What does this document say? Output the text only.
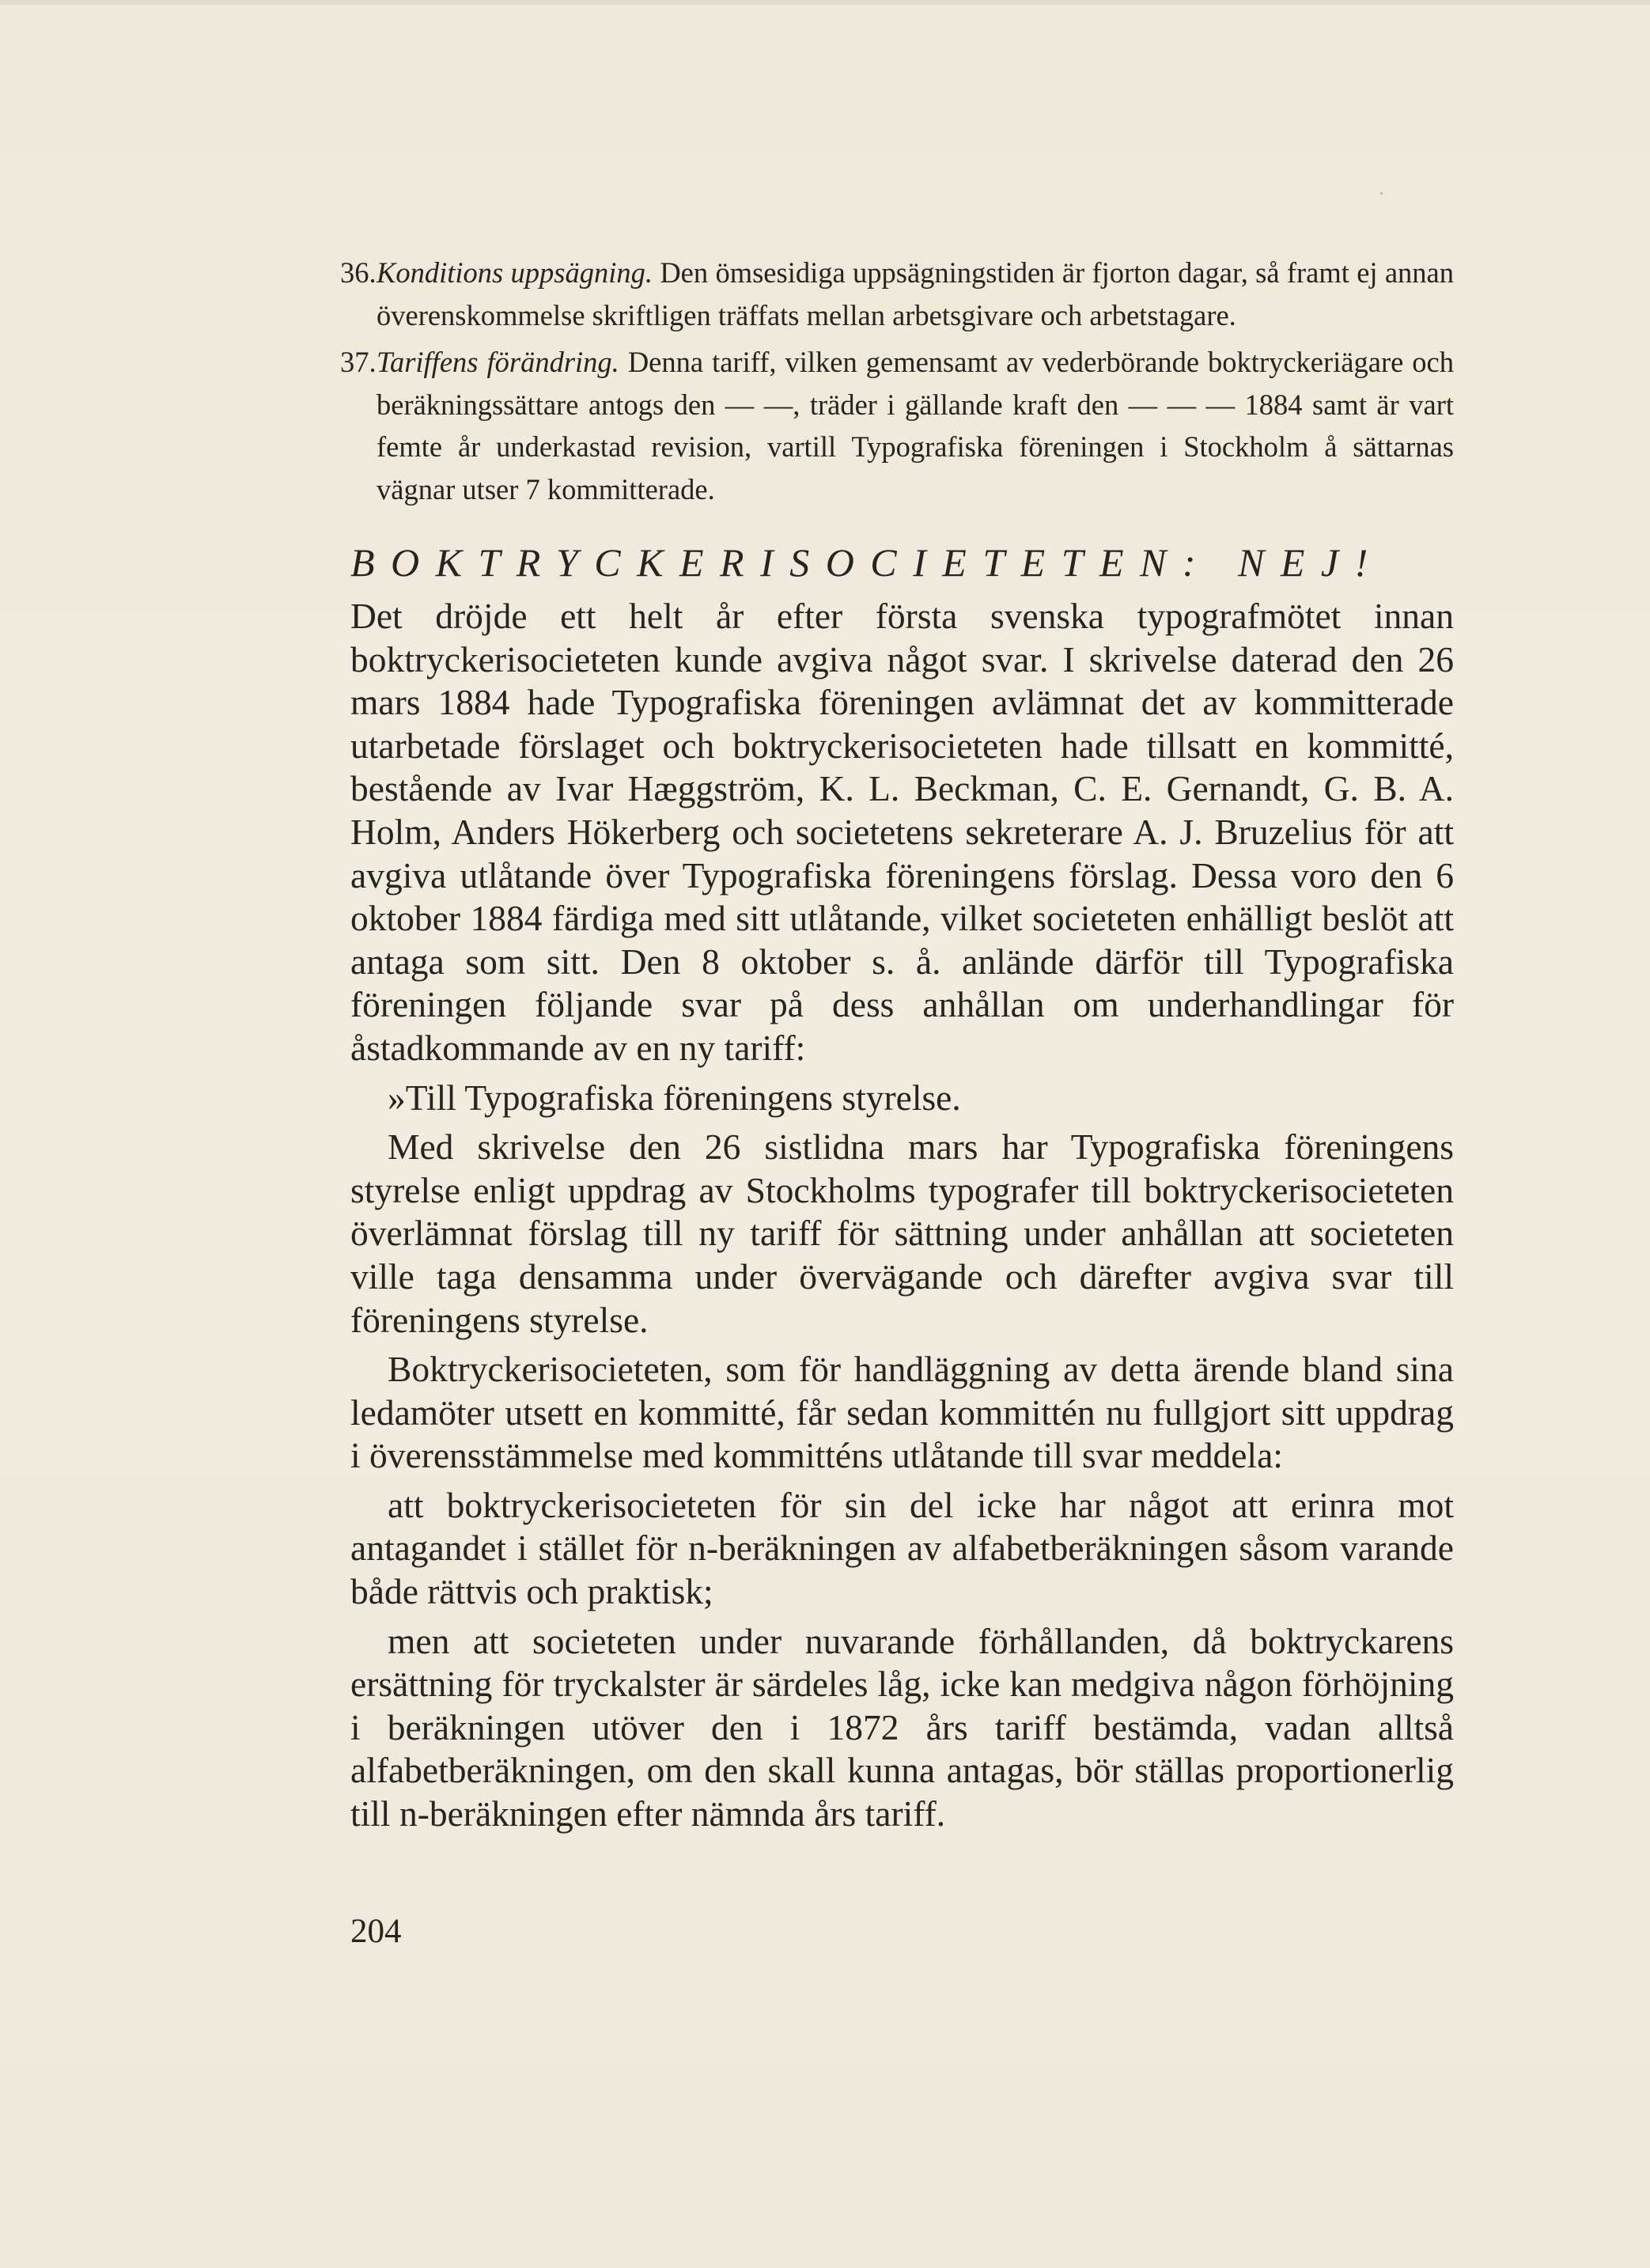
36.Konditions uppsägning. Den ömsesidiga uppsägningstiden är fjorton dagar, så framt ej annan överenskommelse skriftligen träffats mellan arbetsgivare och arbetstagare.

37.Tariffens förändring. Denna tariff, vilken gemensamt av vederbörande boktryckeriägare och beräkningssättare antogs den — —, träder i gällande kraft den — — — 1884 samt är vart femte år underkastad revision, vartill Typografiska föreningen i Stockholm å sättarnas vägnar utser 7 kommitterade.

BOKTRYCKERISOCIETETEN: NEJ!

Det dröjde ett helt år efter första svenska typografmötet innan boktryckerisocieteten kunde avgiva något svar. I skrivelse daterad den 26 mars 1884 hade Typografiska föreningen avlämnat det av kommitterade utarbetade förslaget och boktryckerisocieteten hade tillsatt en kommitté, bestående av Ivar Hæggström, K. L. Beckman, C. E. Gernandt, G. B. A. Holm, Anders Hökerberg och societetens sekreterare A. J. Bruzelius för att avgiva utlåtande över Typografiska föreningens förslag. Dessa voro den 6 oktober 1884 färdiga med sitt utlåtande, vilket societeten enhälligt beslöt att antaga som sitt. Den 8 oktober s. å. anlände därför till Typografiska föreningen följande svar på dess anhållan om underhandlingar för åstadkommande av en ny tariff:

»Till Typografiska föreningens styrelse.

Med skrivelse den 26 sistlidna mars har Typografiska föreningens styrelse enligt uppdrag av Stockholms typografer till boktryckerisocieteten överlämnat förslag till ny tariff för sättning under anhållan att societeten ville taga densamma under övervägande och därefter avgiva svar till föreningens styrelse.

Boktryckerisocieteten, som för handläggning av detta ärende bland sina ledamöter utsett en kommitté, får sedan kommittén nu fullgjort sitt uppdrag i överensstämmelse med kommitténs utlåtande till svar meddela:

att boktryckerisocieteten för sin del icke har något att erinra mot antagandet i stället för n-beräkningen av alfabetberäkningen såsom varande både rättvis och praktisk;

men att societeten under nuvarande förhållanden, då boktryckarens ersättning för tryckalster är särdeles låg, icke kan medgiva någon förhöjning i beräkningen utöver den i 1872 års tariff bestämda, vadan alltså alfabetberäkningen, om den skall kunna antagas, bör ställas proportionerlig till n-beräkningen efter nämnda års tariff.

204
